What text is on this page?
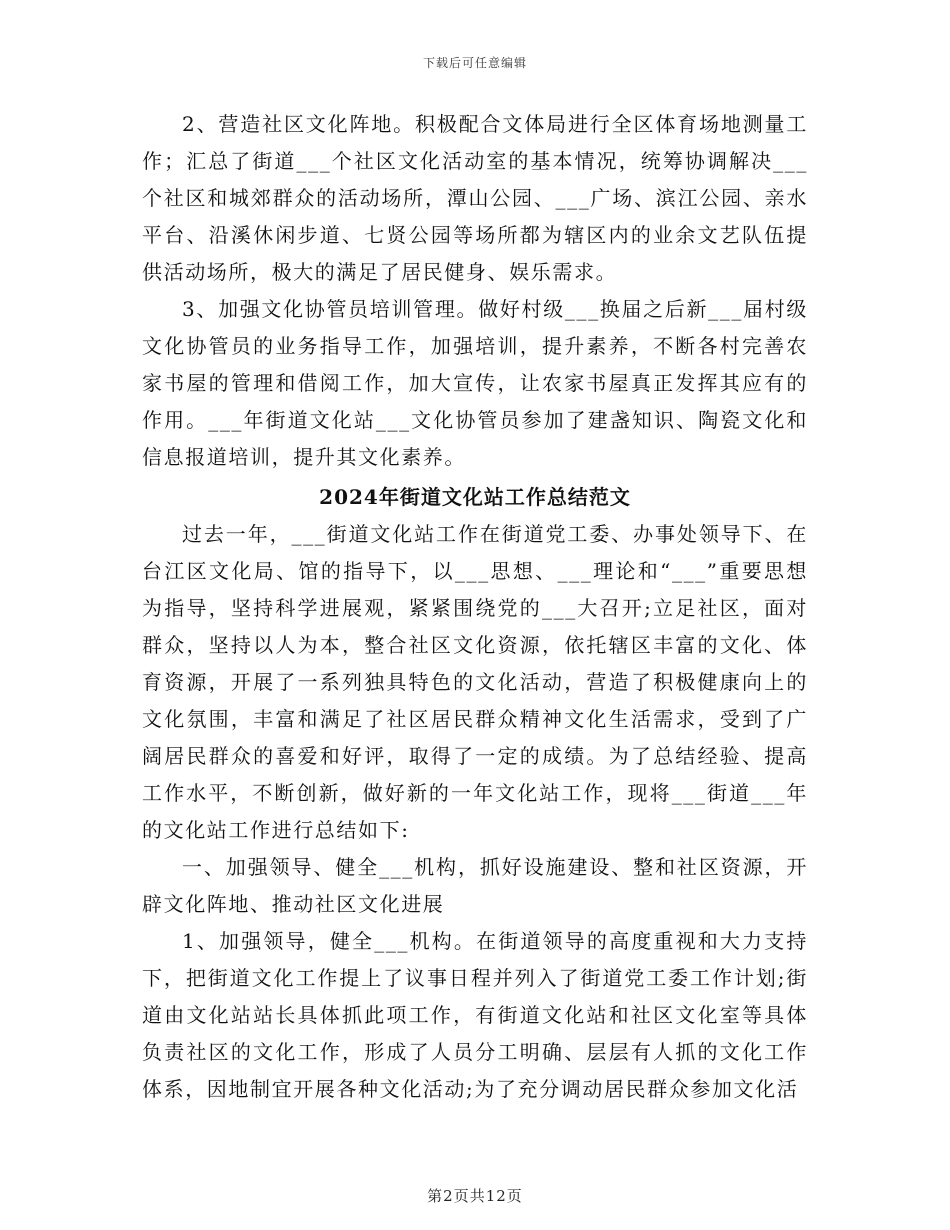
下载后可任意编辑

2、营造社区文化阵地。积极配合文体局进行全区体育场地测量工作；汇总了街道___个社区文化活动室的基本情况，统筹协调解决___个社区和城郊群众的活动场所，潭山公园、___广场、滨江公园、亲水平台、沿溪休闲步道、七贤公园等场所都为辖区内的业余文艺队伍提供活动场所，极大的满足了居民健身、娱乐需求。

3、加强文化协管员培训管理。做好村级___换届之后新___届村级文化协管员的业务指导工作，加强培训，提升素养，不断各村完善农家书屋的管理和借阅工作，加大宣传，让农家书屋真正发挥其应有的作用。___年街道文化站___文化协管员参加了建盏知识、陶瓷文化和信息报道培训，提升其文化素养。

2024年街道文化站工作总结范文

过去一年，___街道文化站工作在街道党工委、办事处领导下、在台江区文化局、馆的指导下，以___思想、___理论和“___”重要思想为指导，坚持科学进展观，紧紧围绕党的___大召开;立足社区，面对群众，坚持以人为本，整合社区文化资源，依托辖区丰富的文化、体育资源，开展了一系列独具特色的文化活动，营造了积极健康向上的文化氛围，丰富和满足了社区居民群众精神文化生活需求，受到了广阔居民群众的喜爱和好评，取得了一定的成绩。为了总结经验、提高工作水平，不断创新，做好新的一年文化站工作，现将___街道___年的文化站工作进行总结如下:

一、加强领导、健全___机构，抓好设施建设、整和社区资源，开辟文化阵地、推动社区文化进展

1、加强领导，健全___机构。在街道领导的高度重视和大力支持下，把街道文化工作提上了议事日程并列入了街道党工委工作计划;街道由文化站站长具体抓此项工作，有街道文化站和社区文化室等具体负责社区的文化工作，形成了人员分工明确、层层有人抓的文化工作体系，因地制宜开展各种文化活动;为了充分调动居民群众参加文化活

第2页共12页
